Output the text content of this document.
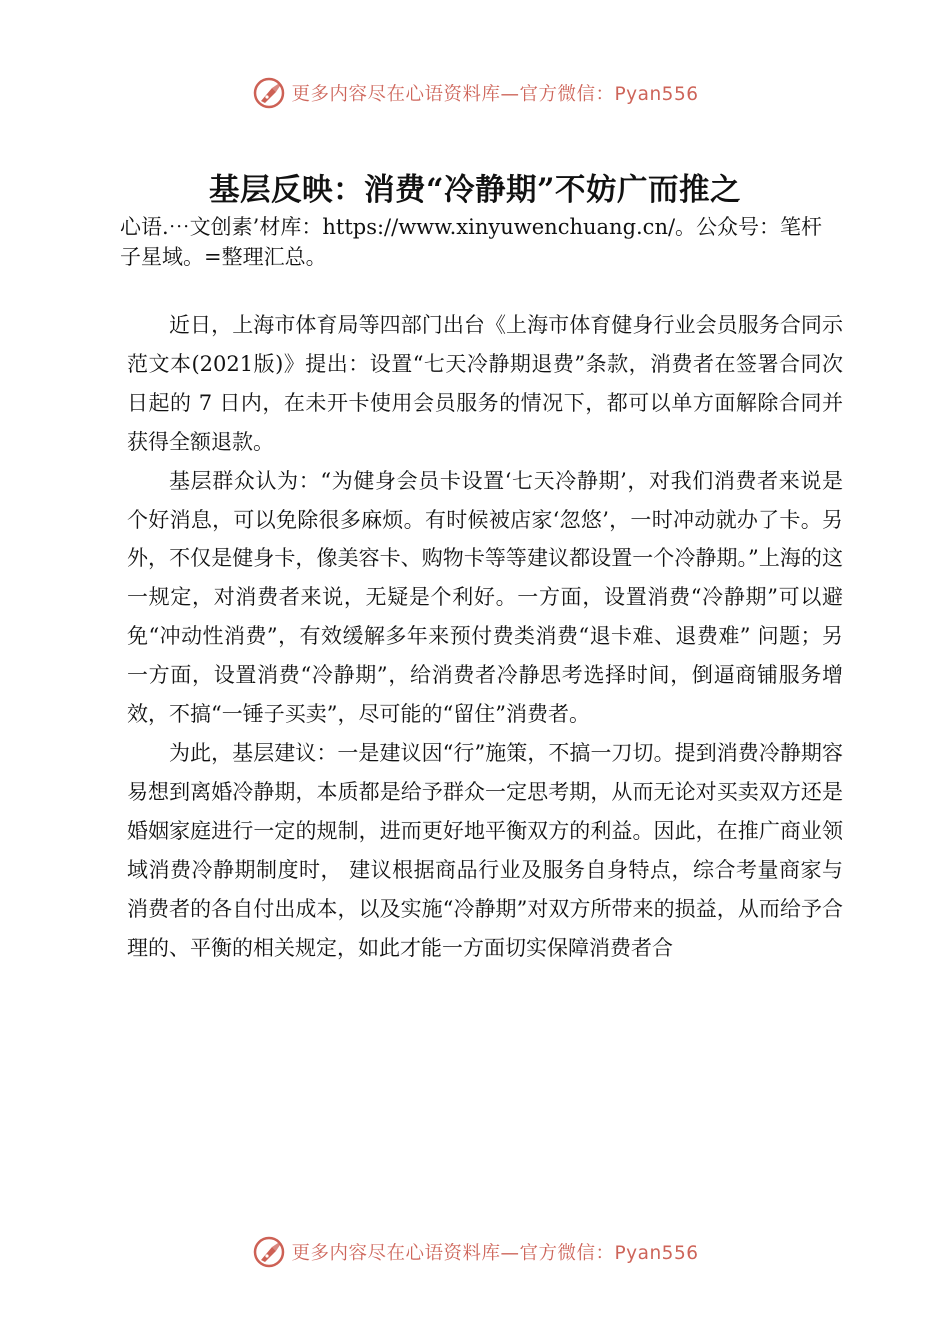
更多内容尽在心语资料库—官方微信：Pyan556
基层反映：消费“冷静期”不妨广而推之

心语.⋯文创素’材库：https://www.xinyuwenchuang.cn/。公众号：笔杆子星域。=整理汇总。

近日，上海市体育局等四部门出台《上海市体育健身行业会员服务合同示范文本(2021版)》提出：设置“七天冷静期退费”条款，消费者在签署合同次日起的 7 日内，在未开卡使用会员服务的情况下，都可以单方面解除合同并获得全额退款。

基层群众认为：“为健身会员卡设置‘七天冷静期’，对我们消费者来说是个好消息，可以免除很多麻烦。有时候被店家‘忽悠’，一时冲动就办了卡。另外，不仅是健身卡，像美容卡、购物卡等等建议都设置一个冷静期。”上海的这一规定，对消费者来说，无疑是个利好。一方面，设置消费“冷静期”可以避免“冲动性消费”，有效缓解多年来预付费类消费“退卡难、退费难” 问题；另一方面，设置消费“冷静期”，给消费者冷静思考选择时间，倒逼商铺服务增效，不搞“一锤子买卖”，尽可能的“留住”消费者。

为此，基层建议：一是建议因“行”施策，不搞一刀切。提到消费冷静期容易想到离婚冷静期，本质都是给予群众一定思考期，从而无论对买卖双方还是婚姻家庭进行一定的规制，进而更好地平衡双方的利益。因此，在推广商业领域消费冷静期制度时， 建议根据商品行业及服务自身特点，综合考量商家与消费者的各自付出成本，以及实施“冷静期”对双方所带来的损益，从而给予合理的、平衡的相关规定，如此才能一方面切实保障消费者合

更多内容尽在心语资料库—官方微信：Pyan556
